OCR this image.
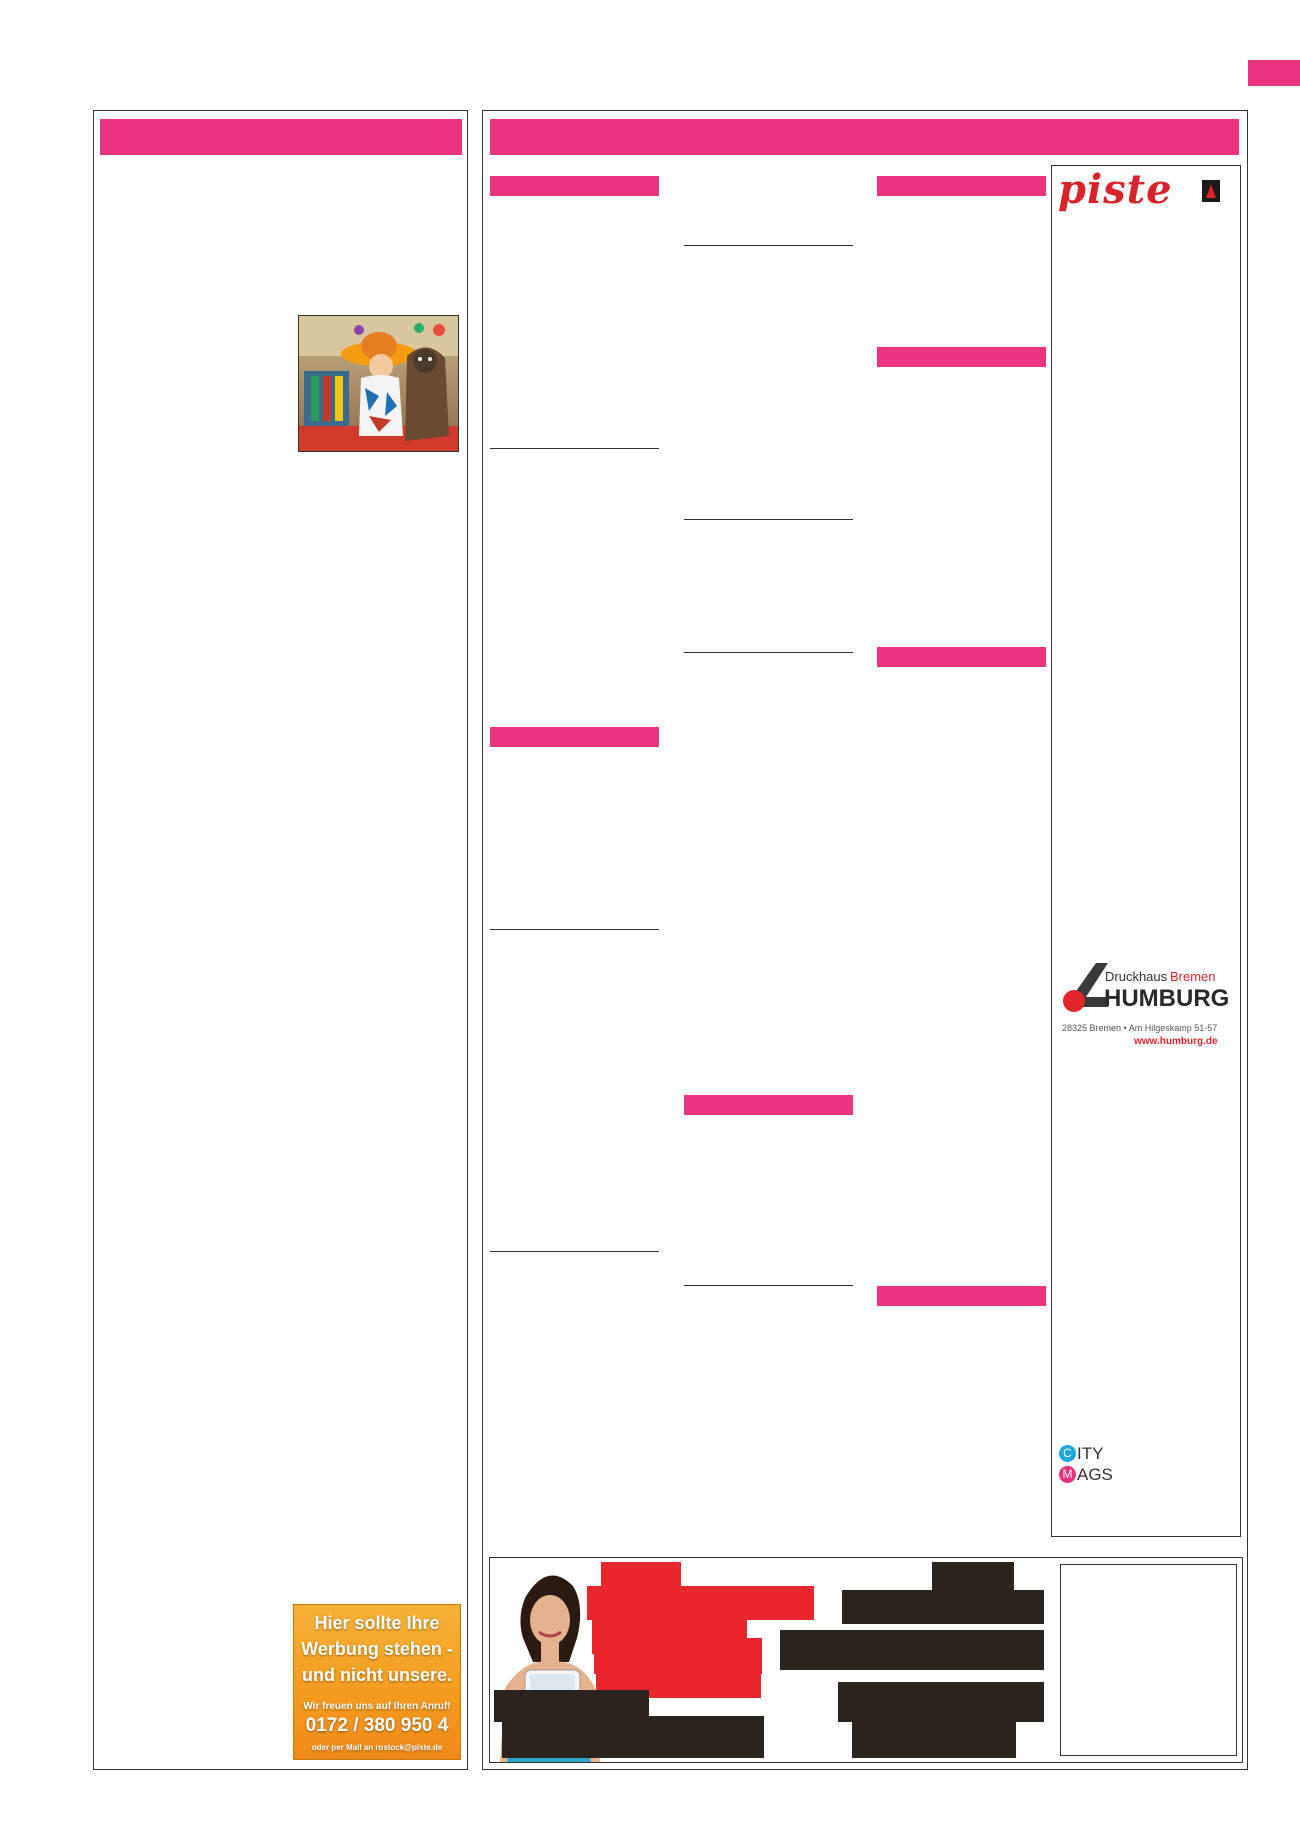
Hier sollte Ihre
Werbung stehen -
und nicht unsere.
Wir freuen uns auf Ihren Anruf!
0172 / 380 950 4
oder per Mail an rostock@piste.de
piste
Druckhaus Bremen
HUMBURG
28325 Bremen • Am Hilgeskamp 51-57
www.humburg.de
C ITY
M AGS
